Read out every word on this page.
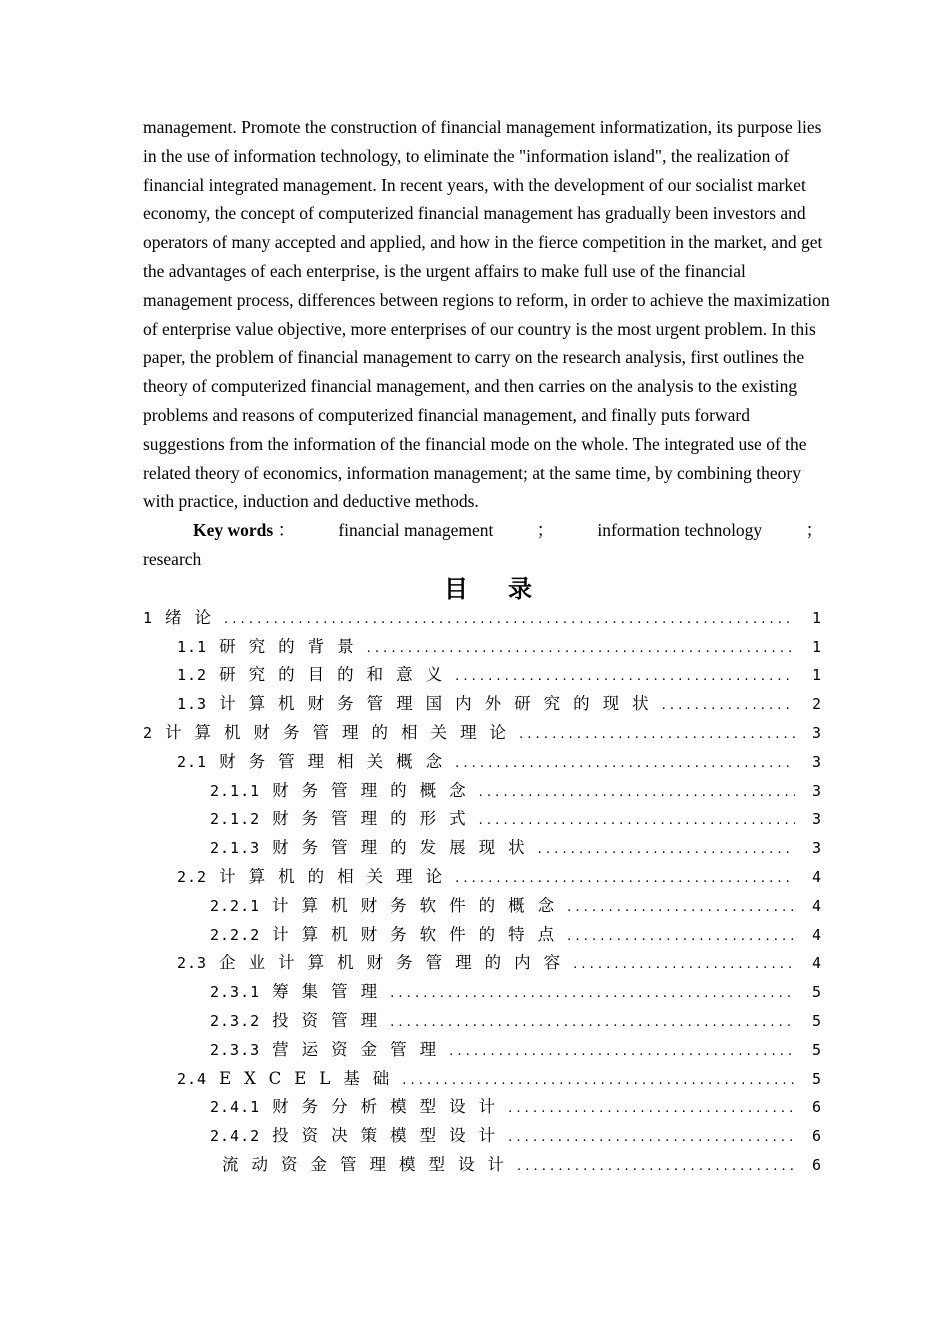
management. Promote the construction of financial management informatization, its purpose lies in the use of information technology, to eliminate the "information island", the realization of financial integrated management. In recent years, with the development of our socialist market economy, the concept of computerized financial management has gradually been investors and operators of many accepted and applied, and how in the fierce competition in the market, and get the advantages of each enterprise, is the urgent affairs to make full use of the financial management process, differences between regions to reform, in order to achieve the maximization of enterprise value objective, more enterprises of our country is the most urgent problem. In this paper, the problem of financial management to carry on the research analysis, first outlines the theory of computerized financial management, and then carries on the analysis to the existing problems and reasons of computerized financial management, and finally puts forward suggestions from the information of the financial mode on the whole. The integrated use of the related theory of economics, information management; at the same time, by combining theory with practice, induction and deductive methods.

Key words ： financial management ； information technology ；
research
目录
1 绪论 . . .	1
1.1 研究的背景 . . .	1
1.2 研究的目的和意义 . . .	1
1.3 计算机财务管理国内外研究的现状 . . .	2
2 计算机财务管理的相关理论 . . .	3
2.1 财务管理相关概念 . . .	3
2.1.1 财务管理的概念 . . .	3
2.1.2 财务管理的形式 . . .	3
2.1.3 财务管理的发展现状 . . .	3
2.2 计算机的相关理论 . . .	4
2.2.1 计算机财务软件的概念 . . .	4
2.2.2 计算机财务软件的特点 . . .	4
2.3 企业计算机财务管理的内容 . . .	4
2.3.1 筹集管理 . . .	5
2.3.2 投资管理 . . .	5
2.3.3 营运资金管理 . . .	5
2.4 EXCEL基础 . . .	5
2.4.1 财务分析模型设计 . . .	6
2.4.2 投资决策模型设计 . . .	6
流动资金管理模型设计 . . .	6
